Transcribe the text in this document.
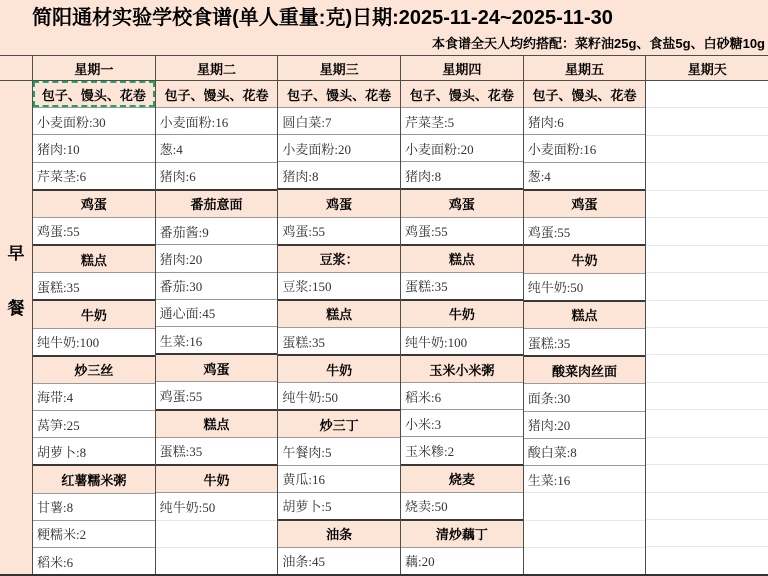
简阳通材实验学校食谱(单人重量:克)日期:2025-11-24~2025-11-30
本食谱全天人均约搭配：菜籽油25g、食盐5g、白砂糖10g
早
餐
星期一
包子、馒头、花卷
小麦面粉:30
猪肉:10
芹菜茎:6
鸡蛋
鸡蛋:55
糕点
蛋糕:35
牛奶
纯牛奶:100
炒三丝
海带:4
莴笋:25
胡萝卜:8
红薯糯米粥
甘薯:8
粳糯米:2
稻米:6
星期二
包子、馒头、花卷
小麦面粉:16
葱:4
猪肉:6
番茄意面
番茄酱:9
猪肉:20
番茄:30
通心面:45
生菜:16
鸡蛋
鸡蛋:55
糕点
蛋糕:35
牛奶
纯牛奶:50
星期三
包子、馒头、花卷
圆白菜:7
小麦面粉:20
猪肉:8
鸡蛋
鸡蛋:55
豆浆：
豆浆:150
糕点
蛋糕:35
牛奶
纯牛奶:50
炒三丁
午餐肉:5
黄瓜:16
胡萝卜:5
油条
油条:45
星期四
包子、馒头、花卷
芹菜茎:5
小麦面粉:20
猪肉:8
鸡蛋
鸡蛋:55
糕点
蛋糕:35
牛奶
纯牛奶:100
玉米小米粥
稻米:6
小米:3
玉米糁:2
烧麦
烧卖:50
清炒藕丁
藕:20
星期五
包子、馒头、花卷
猪肉:6
小麦面粉:16
葱:4
鸡蛋
鸡蛋:55
牛奶
纯牛奶:50
糕点
蛋糕:35
酸菜肉丝面
面条:30
猪肉:20
酸白菜:8
生菜:16
星期天
